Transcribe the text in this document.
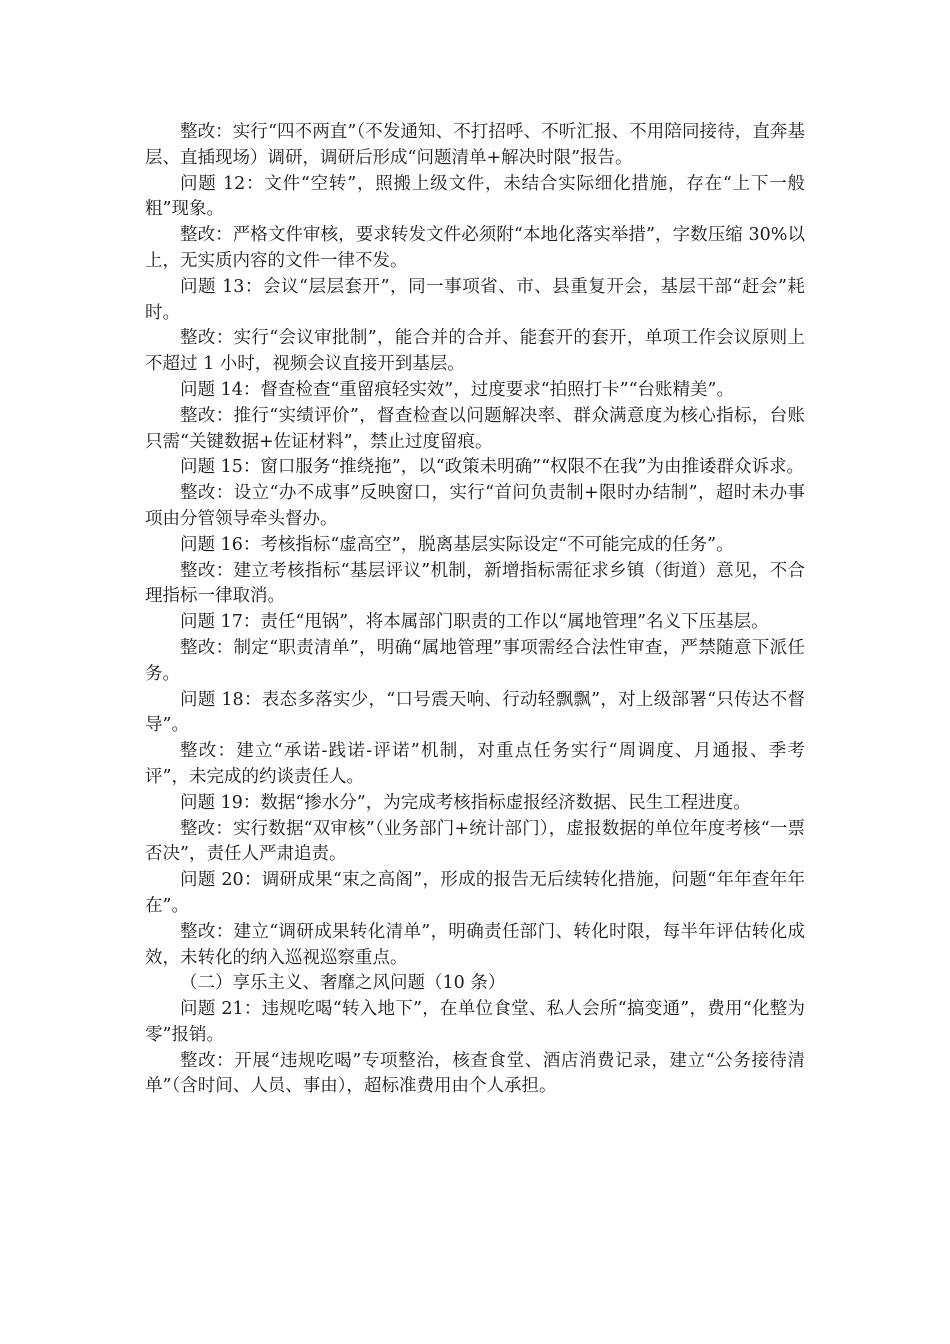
整改：实行“四不两直”（不发通知、不打招呼、不听汇报、不用陪同接待，直奔基层、直插现场）调研，调研后形成“问题清单+解决时限”报告。

问题 12：文件“空转”，照搬上级文件，未结合实际细化措施，存在“上下一般粗”现象。

整改：严格文件审核，要求转发文件必须附“本地化落实举措”，字数压缩 30%以上，无实质内容的文件一律不发。

问题 13：会议“层层套开”，同一事项省、市、县重复开会，基层干部“赶会”耗时。

整改：实行“会议审批制”，能合并的合并、能套开的套开，单项工作会议原则上不超过 1 小时，视频会议直接开到基层。

问题 14：督查检查“重留痕轻实效”，过度要求“拍照打卡”“台账精美”。

整改：推行“实绩评价”，督查检查以问题解决率、群众满意度为核心指标，台账只需“关键数据+佐证材料”，禁止过度留痕。

问题 15：窗口服务“推绕拖”，以“政策未明确”“权限不在我”为由推诿群众诉求。

整改：设立“办不成事”反映窗口，实行“首问负责制+限时办结制”，超时未办事项由分管领导牵头督办。

问题 16：考核指标“虚高空”，脱离基层实际设定“不可能完成的任务”。

整改：建立考核指标“基层评议”机制，新增指标需征求乡镇（街道）意见，不合理指标一律取消。

问题 17：责任“甩锅”，将本属部门职责的工作以“属地管理”名义下压基层。

整改：制定“职责清单”，明确“属地管理”事项需经合法性审查，严禁随意下派任务。

问题 18：表态多落实少，“口号震天响、行动轻飘飘”，对上级部署“只传达不督导”。

整改：建立“承诺-践诺-评诺”机制，对重点任务实行“周调度、月通报、季考评”，未完成的约谈责任人。

问题 19：数据“掺水分”，为完成考核指标虚报经济数据、民生工程进度。

整改：实行数据“双审核”（业务部门+统计部门），虚报数据的单位年度考核“一票否决”，责任人严肃追责。

问题 20：调研成果“束之高阁”，形成的报告无后续转化措施，问题“年年查年年在”。

整改：建立“调研成果转化清单”，明确责任部门、转化时限，每半年评估转化成效，未转化的纳入巡视巡察重点。

（二）享乐主义、奢靡之风问题（10 条）

问题 21：违规吃喝“转入地下”，在单位食堂、私人会所“搞变通”，费用“化整为零”报销。

整改：开展“违规吃喝”专项整治，核查食堂、酒店消费记录，建立“公务接待清单”（含时间、人员、事由），超标准费用由个人承担。
